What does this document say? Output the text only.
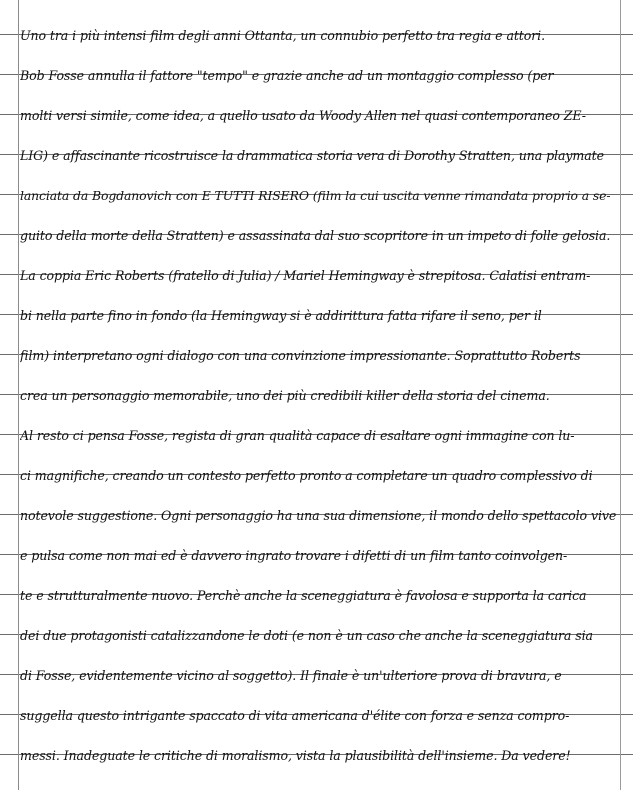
Uno tra i più intensi film degli anni Ottanta, un connubio perfetto tra regia e attori.
Bob Fosse annulla il fattore "tempo" e grazie anche ad un montaggio complesso (per
molti versi simile, come idea, a quello usato da Woody Allen nel quasi contemporaneo ZE-
LIG) e affascinante ricostruisce la drammatica storia vera di Dorothy Stratten, una playmate
lanciata da Bogdanovich con E TUTTI RISERO (film la cui uscita venne rimandata proprio a se-
guito della morte della Stratten) e assassinata dal suo scopritore in un impeto di folle gelosia.
La coppia Eric Roberts (fratello di Julia) / Mariel Hemingway è strepitosa. Calatisi entram-
bi nella parte fino in fondo (la Hemingway si è addirittura fatta rifare il seno, per il
film) interpretano ogni dialogo con una convinzione impressionante. Soprattutto Roberts
crea un personaggio memorabile, uno dei più credibili killer della storia del cinema.
Al resto ci pensa Fosse, regista di gran qualità capace di esaltare ogni immagine con lu-
ci magnifiche, creando un contesto perfetto pronto a completare un quadro complessivo di
notevole suggestione. Ogni personaggio ha una sua dimensione, il mondo dello spettacolo vive
e pulsa come non mai ed è davvero ingrato trovare i difetti di un film tanto coinvolgen-
te e strutturalmente nuovo. Perchè anche la sceneggiatura è favolosa e supporta la carica
dei due protagonisti catalizzandone le doti (e non è un caso che anche la sceneggiatura sia
di Fosse, evidentemente vicino al soggetto). Il finale è un'ulteriore prova di bravura, e
suggella questo intrigante spaccato di vita americana d'élite con forza e senza compro-
messi. Inadeguate le critiche di moralismo, vista la plausibilità dell'insieme. Da vedere!
